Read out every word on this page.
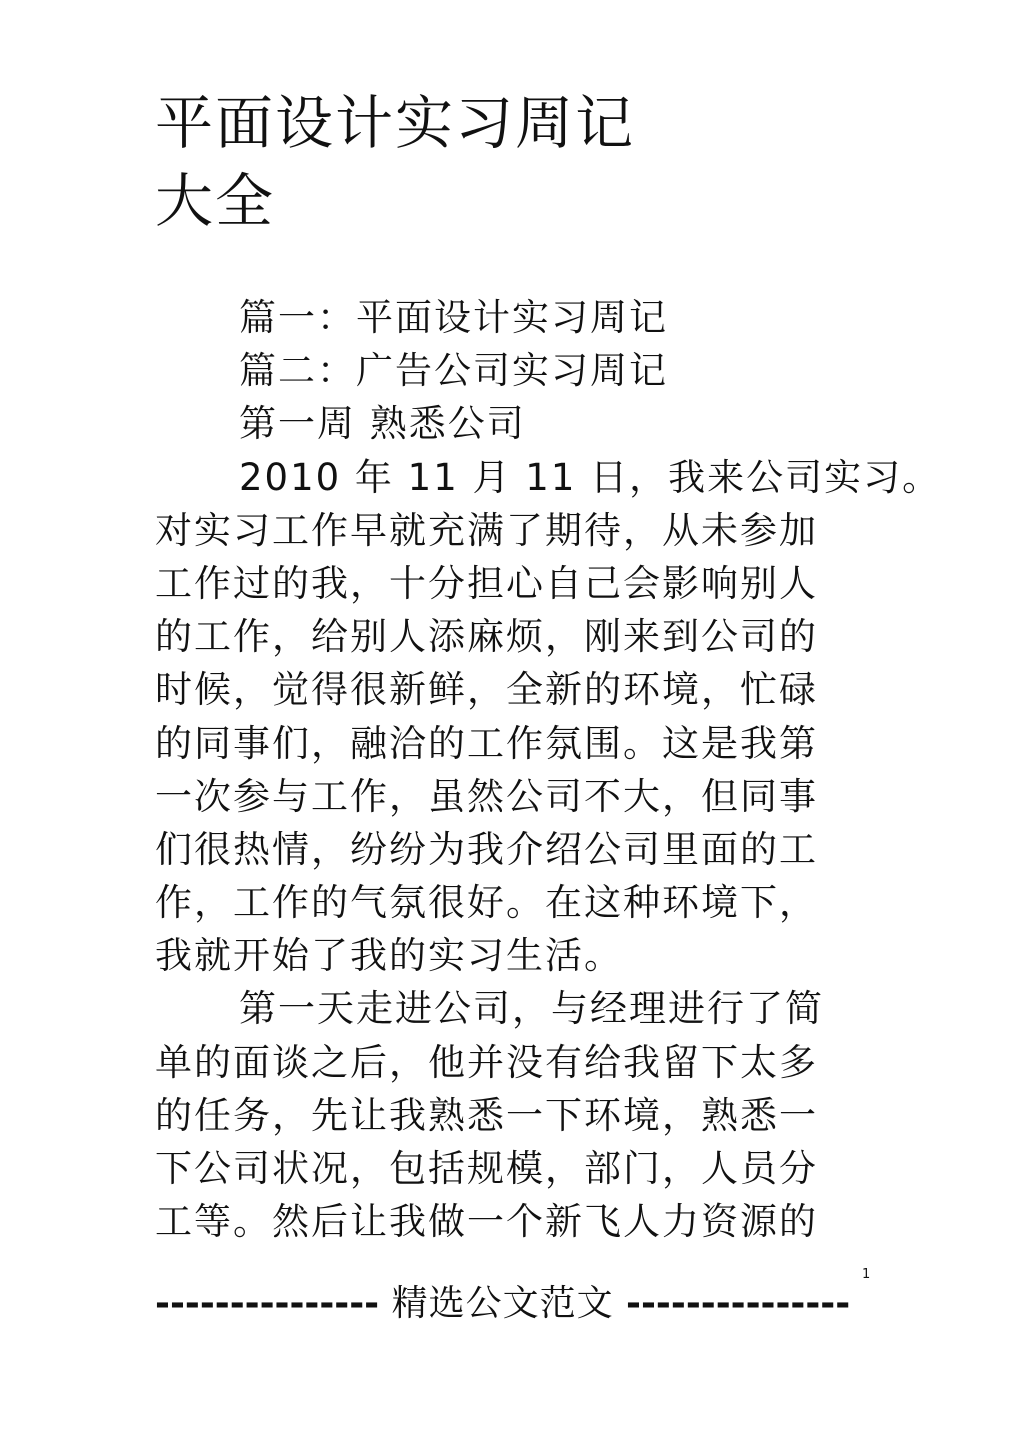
平面设计实习周记
大全
篇一：平面设计实习周记
篇二：广告公司实习周记
第一周 熟悉公司
2010 年 11 月 11 日，我来公司实习。
对实习工作早就充满了期待，从未参加
工作过的我，十分担心自己会影响别人
的工作，给别人添麻烦，刚来到公司的
时候，觉得很新鲜，全新的环境，忙碌
的同事们，融洽的工作氛围。这是我第
一次参与工作，虽然公司不大，但同事
们很热情，纷纷为我介绍公司里面的工
作，工作的气氛很好。在这种环境下，
我就开始了我的实习生活。
第一天走进公司，与经理进行了简
单的面谈之后，他并没有给我留下太多
的任务，先让我熟悉一下环境，熟悉一
下公司状况，包括规模，部门，人员分
工等。然后让我做一个新飞人力资源的
1
--------------- 精选公文范文 ---------------
